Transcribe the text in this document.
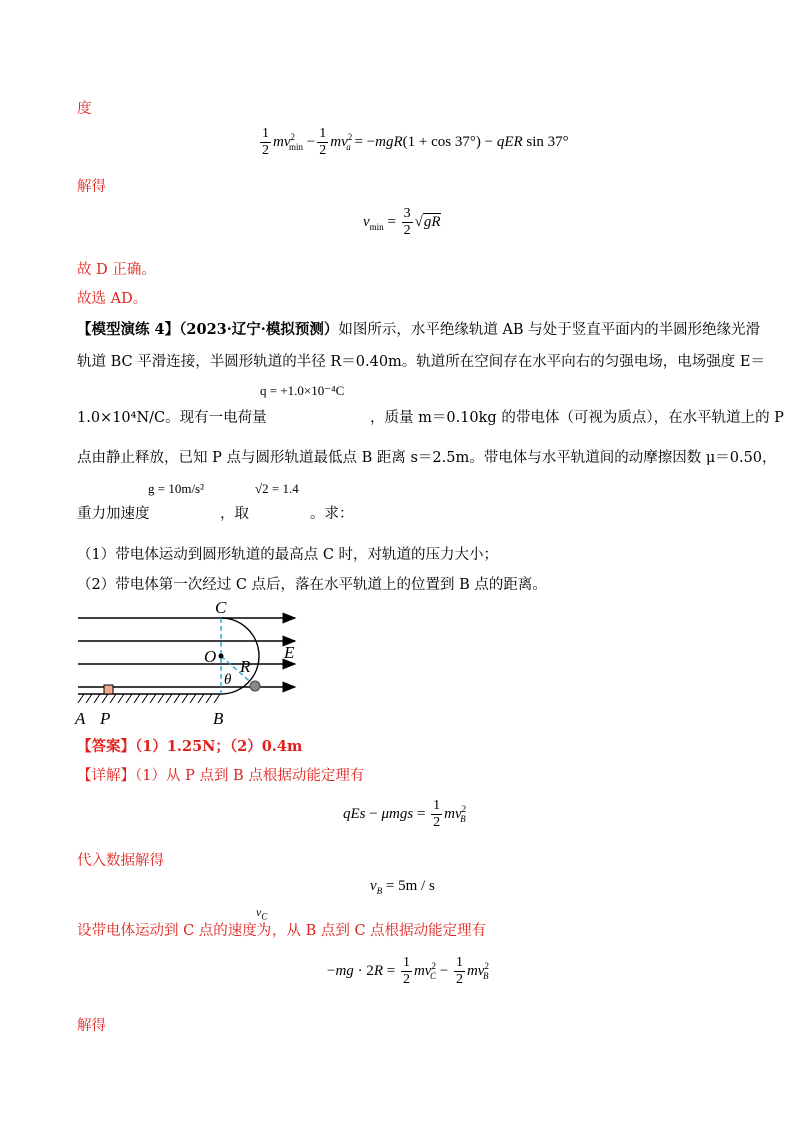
度
$\frac{1}{2} mv^2_{min} - \frac{1}{2} mv^2_a = -mgR(1 + \cos 37^\circ)$ − qER sin 37°
解得
$v_{min} = \frac{3}{2} √gR$
故 D 正确。
故选 AD。
【模型演练 4】（2023·辽宁·模拟预测）如图所示，水平绝缘轨道 AB 与处于竖直平面内的半圆形绝缘光滑
轨道 BC 平滑连接，半圆形轨道的半径 R＝0.40m。轨道所在空间存在水平向右的匀强电场，电场强度 E＝
1.0×10⁴N/C。现有一电荷量
q = +1.0×10⁻⁴C
，质量 m＝0.10kg 的带电体（可视为质点），在水平轨道上的 P
点由静止释放，已知 P 点与圆形轨道最低点 B 距离 s＝2.5m。带电体与水平轨道间的动摩擦因数 μ＝0.50，
重力加速度
g = 10m/s²
，取
√2 = 1.4
。求：
（1）带电体运动到圆形轨道的最高点 C 时，对轨道的压力大小；
（2）带电体第一次经过 C 点后，落在水平轨道上的位置到 B 点的距离。
C
O
R
E
θ
A P	B
【答案】（1）1.25N；（2）0.4m
【详解】（1）从 P 点到 B 点根据动能定理有
qEs − $\mu mgs = \frac{1}{2} mv^2_B$
代入数据解得
$v_B = 5m / s$
设带电体运动到 C 点的速度为
$v_C$
，从 B 点到 C 点根据动能定理有
$-mg \cdot 2R = \frac{1}{2} mv^2_C - \frac{1}{2} mv^2_B$
解得
